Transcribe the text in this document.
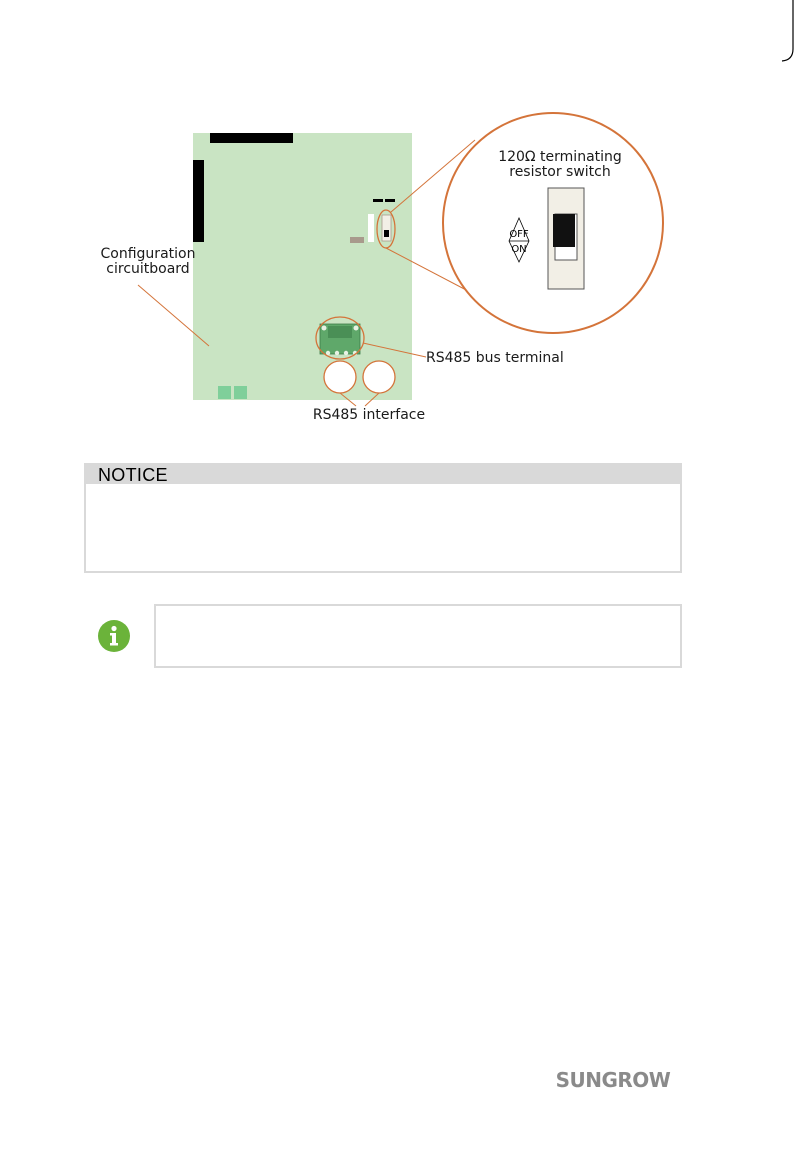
120Ω terminating
resistor switch
OFF
ON
Configuration
circuitboard
RS485 bus terminal
RS485 interface
NOTICE
SUNGROW
